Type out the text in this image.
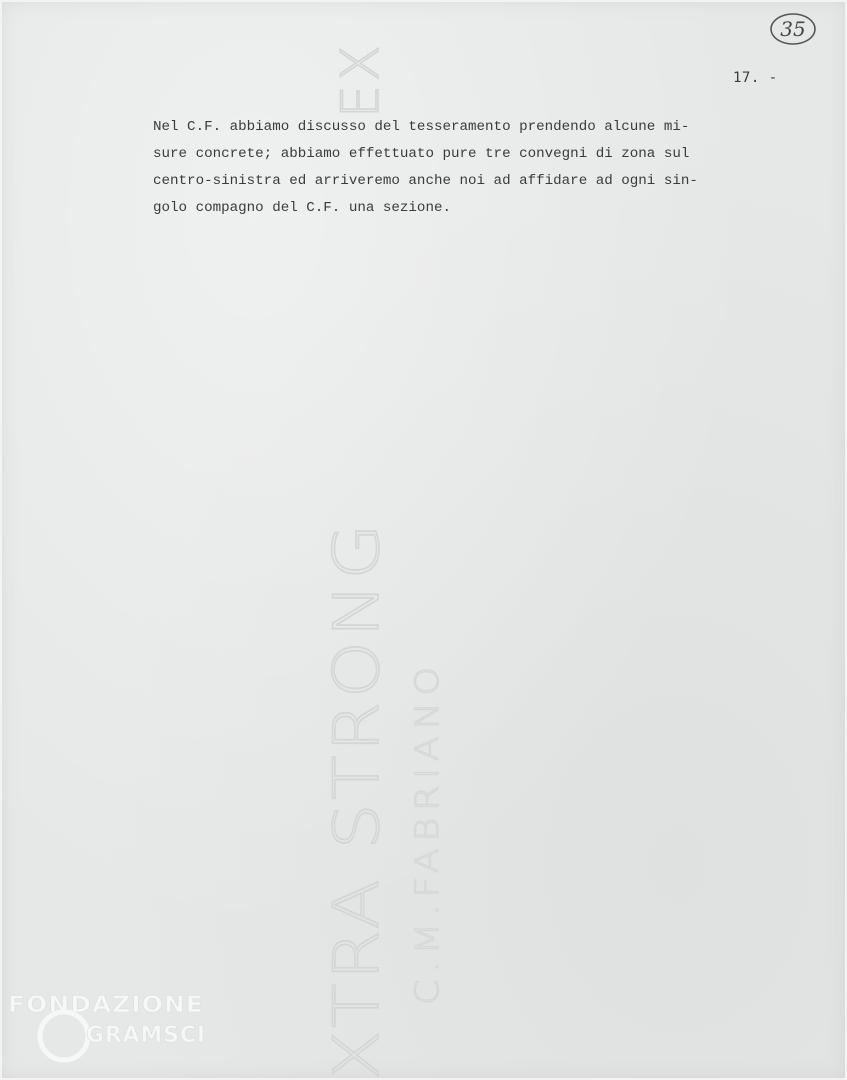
35
17. -
Nel C.F. abbiamo discusso del tesseramento prendendo alcune mi-
sure concrete; abbiamo effettuato pure tre convegni di zona sul
centro-sinistra ed arriveremo anche noi ad affidare ad ogni sin-
golo compagno del C.F. una sezione.
EX
XTRA STRONG C.M.FABRIANO
FONDAZIONE
GRAMSCI
